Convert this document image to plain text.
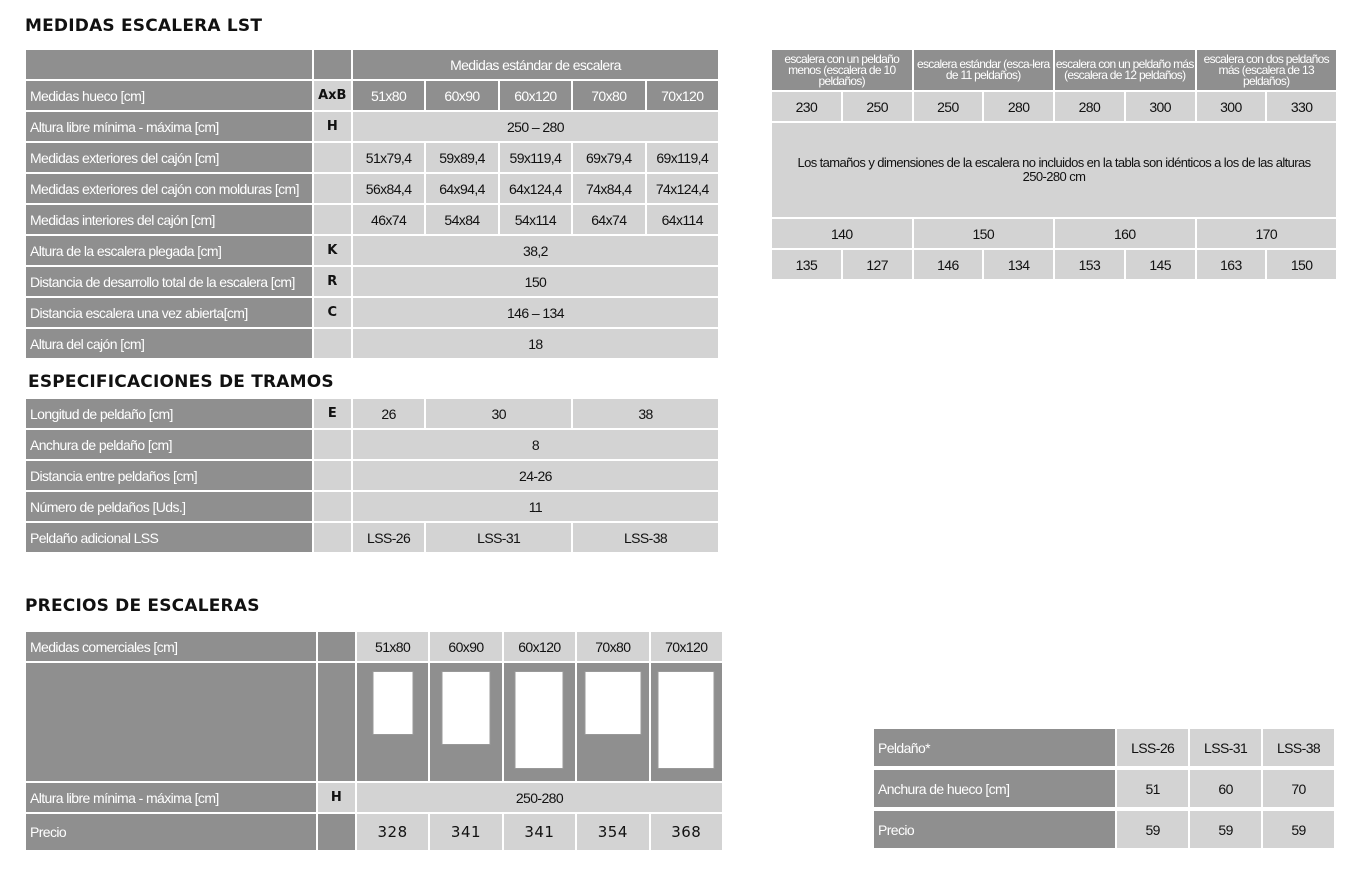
MEDIDAS ESCALERA LST
ESPECIFICACIONES DE TRAMOS
PRECIOS DE ESCALERAS
		Medidas estándar de escalera				
Medidas hueco [cm]	AxB	51x80	60x90	60x120	70x80	70x120
Altura libre mínima - máxima [cm]	H	250 – 280				
Medidas exteriores del cajón [cm]		51x79,4	59x89,4	59x119,4	69x79,4	69x119,4
Medidas exteriores del cajón con molduras [cm]		56x84,4	64x94,4	64x124,4	74x84,4	74x124,4
Medidas interiores del cajón [cm]		46x74	54x84	54x114	64x74	64x114
Altura de la escalera plegada [cm]	K	38,2				
Distancia de desarrollo total de la escalera [cm]	R	150				
Distancia escalera una vez abierta[cm]	C	146 – 134				
Altura del cajón [cm]		18				
Longitud de peldaño [cm]	E	26	30	38
Anchura de peldaño [cm]		8		
Distancia entre peldaños [cm]		24-26		
Número de peldaños [Uds.]		11		
Peldaño adicional LSS		LSS-26	LSS-31	LSS-38
escalera con un peldaño menos (escalera de 10 peldaños)		escalera estándar (esca-lera de 11 peldaños)		escalera con un peldaño más (escalera de 12 peldaños)		escalera con dos peldaños más (escalera de 13 peldaños)	
230	250	250	280	280	300	300	330
Los tamaños y dimensiones de la escalera no incluidos en la tabla son idénticos a los de las alturas 250-280 cm							
140		150		160		170	
135	127	146	134	153	145	163	150
Medidas comerciales [cm]		51x80	60x90	60x120	70x80	70x120

Altura libre mínima - máxima [cm]	H	250-280				
Precio		328	341	341	354	368
Peldaño*	LSS-26	LSS-31	LSS-38
Anchura de hueco [cm]	51	60	70
Precio	59	59	59
